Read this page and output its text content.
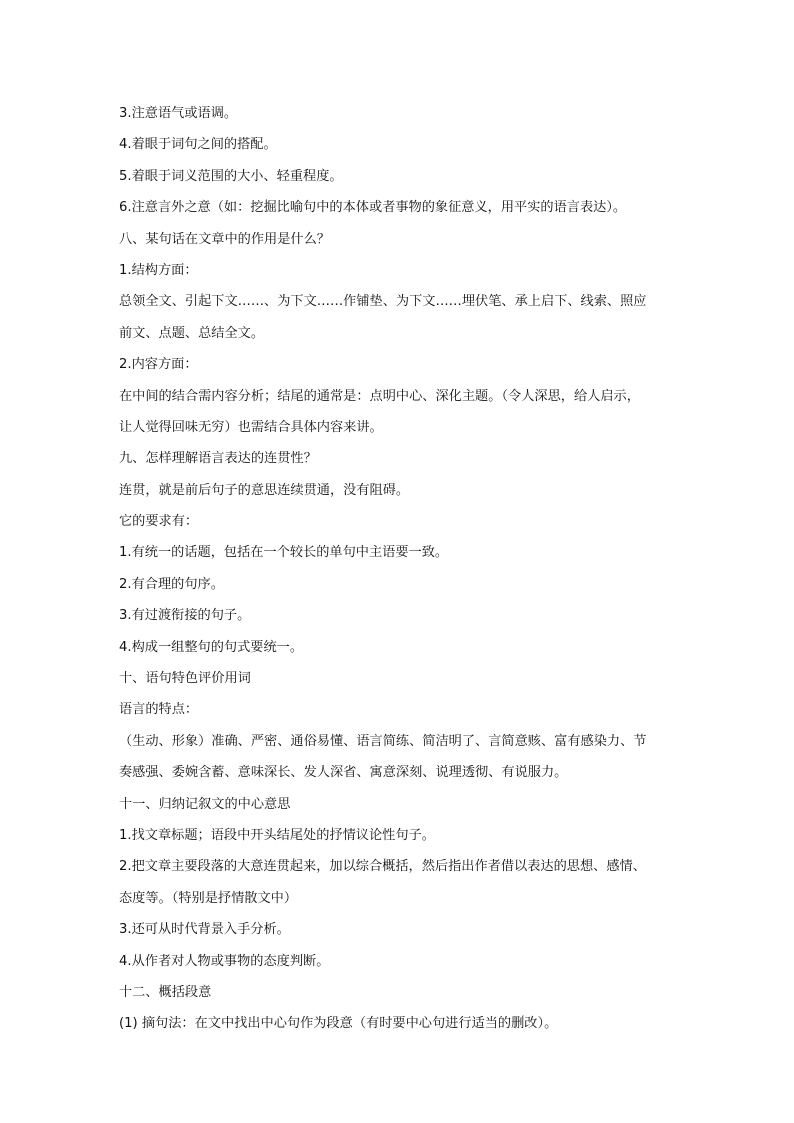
3.注意语气或语调。
4.着眼于词句之间的搭配。
5.着眼于词义范围的大小、轻重程度。
6.注意言外之意（如：挖掘比喻句中的本体或者事物的象征意义，用平实的语言表达）。
八、某句话在文章中的作用是什么？
1.结构方面：
总领全文、引起下文……、为下文……作铺垫、为下文……埋伏笔、承上启下、线索、照应
前文、点题、总结全文。
2.内容方面：
在中间的结合需内容分析；结尾的通常是：点明中心、深化主题。（令人深思，给人启示，
让人觉得回味无穷）也需结合具体内容来讲。
九、怎样理解语言表达的连贯性？
连贯，就是前后句子的意思连续贯通，没有阻碍。
它的要求有：
1.有统一的话题，包括在一个较长的单句中主语要一致。
2.有合理的句序。
3.有过渡衔接的句子。
4.构成一组整句的句式要统一。
十、语句特色评价用词
语言的特点：
（生动、形象）准确、严密、通俗易懂、语言简练、简洁明了、言简意赅、富有感染力、节
奏感强、委婉含蓄、意味深长、发人深省、寓意深刻、说理透彻、有说服力。
十一、归纳记叙文的中心意思
1.找文章标题；语段中开头结尾处的抒情议论性句子。
2.把文章主要段落的大意连贯起来，加以综合概括，然后指出作者借以表达的思想、感情、
态度等。（特别是抒情散文中）
3.还可从时代背景入手分析。
4.从作者对人物或事物的态度判断。
十二、概括段意
(1) 摘句法：在文中找出中心句作为段意（有时要中心句进行适当的删改）。
